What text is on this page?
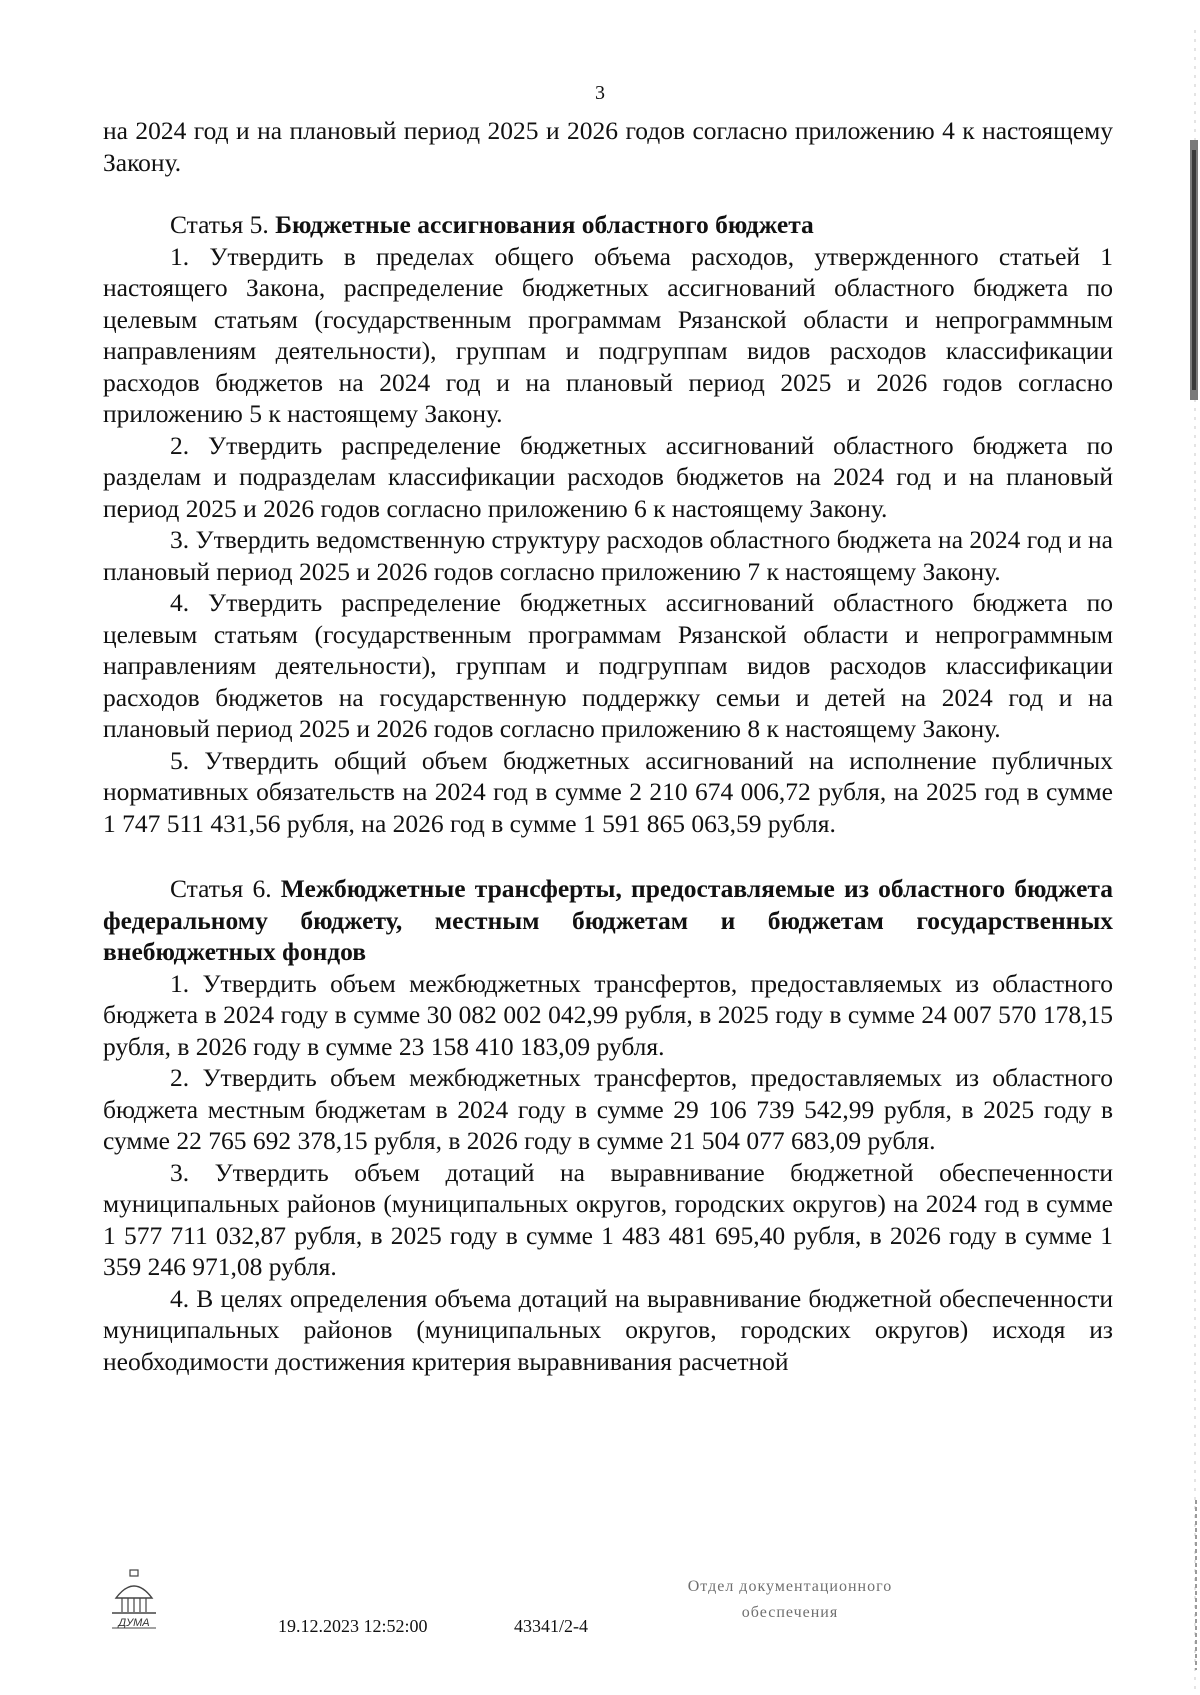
3

на 2024 год и на плановый период 2025 и 2026 годов согласно приложению 4 к настоящему Закону.

Статья 5. Бюджетные ассигнования областного бюджета

1. Утвердить в пределах общего объема расходов, утвержденного статьей 1 настоящего Закона, распределение бюджетных ассигнований областного бюджета по целевым статьям (государственным программам Рязанской области и непрограммным направлениям деятельности), группам и подгруппам видов расходов классификации расходов бюджетов на 2024 год и на плановый период 2025 и 2026 годов согласно приложению 5 к настоящему Закону.

2. Утвердить распределение бюджетных ассигнований областного бюджета по разделам и подразделам классификации расходов бюджетов на 2024 год и на плановый период 2025 и 2026 годов согласно приложению 6 к настоящему Закону.

3. Утвердить ведомственную структуру расходов областного бюджета на 2024 год и на плановый период 2025 и 2026 годов согласно приложению 7 к настоящему Закону.

4. Утвердить распределение бюджетных ассигнований областного бюджета по целевым статьям (государственным программам Рязанской области и непрограммным направлениям деятельности), группам и подгруппам видов расходов классификации расходов бюджетов на государственную поддержку семьи и детей на 2024 год и на плановый период 2025 и 2026 годов согласно приложению 8 к настоящему Закону.

5. Утвердить общий объем бюджетных ассигнований на исполнение публичных нормативных обязательств на 2024 год в сумме 2 210 674 006,72 рубля, на 2025 год в сумме 1 747 511 431,56 рубля, на 2026 год в сумме 1 591 865 063,59 рубля.

Статья 6. Межбюджетные трансферты, предоставляемые из областного бюджета федеральному бюджету, местным бюджетам и бюджетам государственных внебюджетных фондов

1. Утвердить объем межбюджетных трансфертов, предоставляемых из областного бюджета в 2024 году в сумме 30 082 002 042,99 рубля, в 2025 году в сумме 24 007 570 178,15 рубля, в 2026 году в сумме 23 158 410 183,09 рубля.

2. Утвердить объем межбюджетных трансфертов, предоставляемых из областного бюджета местным бюджетам в 2024 году в сумме 29 106 739 542,99 рубля, в 2025 году в сумме 22 765 692 378,15 рубля, в 2026 году в сумме 21 504 077 683,09 рубля.

3. Утвердить объем дотаций на выравнивание бюджетной обеспеченности муниципальных районов (муниципальных округов, городских округов) на 2024 год в сумме 1 577 711 032,87 рубля, в 2025 году в сумме 1 483 481 695,40 рубля, в 2026 году в сумме 1 359 246 971,08 рубля.

4. В целях определения объема дотаций на выравнивание бюджетной обеспеченности муниципальных районов (муниципальных округов, городских округов) исходя из необходимости достижения критерия выравнивания расчетной

ДУМА	19.12.2023 12:52:00	43341/2-4
Отдел документационного
обеспечения
